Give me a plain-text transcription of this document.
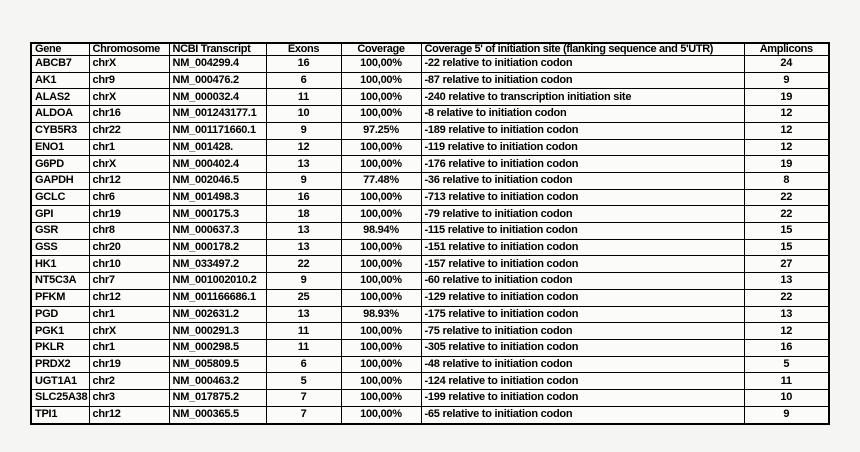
Gene	Chromosome	NCBI Transcript	Exons	Coverage	Coverage 5' of initiation site (flanking sequence and 5'UTR)	Amplicons
ABCB7	chrX	NM_004299.4	16	100,00%	-22 relative to initiation codon	24
AK1	chr9	NM_000476.2	6	100,00%	-87 relative to initiation codon	9
ALAS2	chrX	NM_000032.4	11	100,00%	-240 relative to transcription initiation site	19
ALDOA	chr16	NM_001243177.1	10	100,00%	-8 relative to initiation codon	12
CYB5R3	chr22	NM_001171660.1	9	97.25%	-189 relative to initiation codon	12
ENO1	chr1	NM_001428.	12	100,00%	-119 relative to initiation codon	12
G6PD	chrX	NM_000402.4	13	100,00%	-176 relative to initiation codon	19
GAPDH	chr12	NM_002046.5	9	77.48%	-36 relative to initiation codon	8
GCLC	chr6	NM_001498.3	16	100,00%	-713 relative to initiation codon	22
GPI	chr19	NM_000175.3	18	100,00%	-79 relative to initiation codon	22
GSR	chr8	NM_000637.3	13	98.94%	-115 relative to initiation codon	15
GSS	chr20	NM_000178.2	13	100,00%	-151 relative to initiation codon	15
HK1	chr10	NM_033497.2	22	100,00%	-157 relative to initiation codon	27
NT5C3A	chr7	NM_001002010.2	9	100,00%	-60 relative to initiation codon	13
PFKM	chr12	NM_001166686.1	25	100,00%	-129 relative to initiation codon	22
PGD	chr1	NM_002631.2	13	98.93%	-175 relative to initiation codon	13
PGK1	chrX	NM_000291.3	11	100,00%	-75 relative to initiation codon	12
PKLR	chr1	NM_000298.5	11	100,00%	-305 relative to initiation codon	16
PRDX2	chr19	NM_005809.5	6	100,00%	-48 relative to initiation codon	5
UGT1A1	chr2	NM_000463.2	5	100,00%	-124 relative to initiation codon	11
SLC25A38	chr3	NM_017875.2	7	100,00%	-199 relative to initiation codon	10
TPI1	chr12	NM_000365.5	7	100,00%	-65 relative to initiation codon	9
